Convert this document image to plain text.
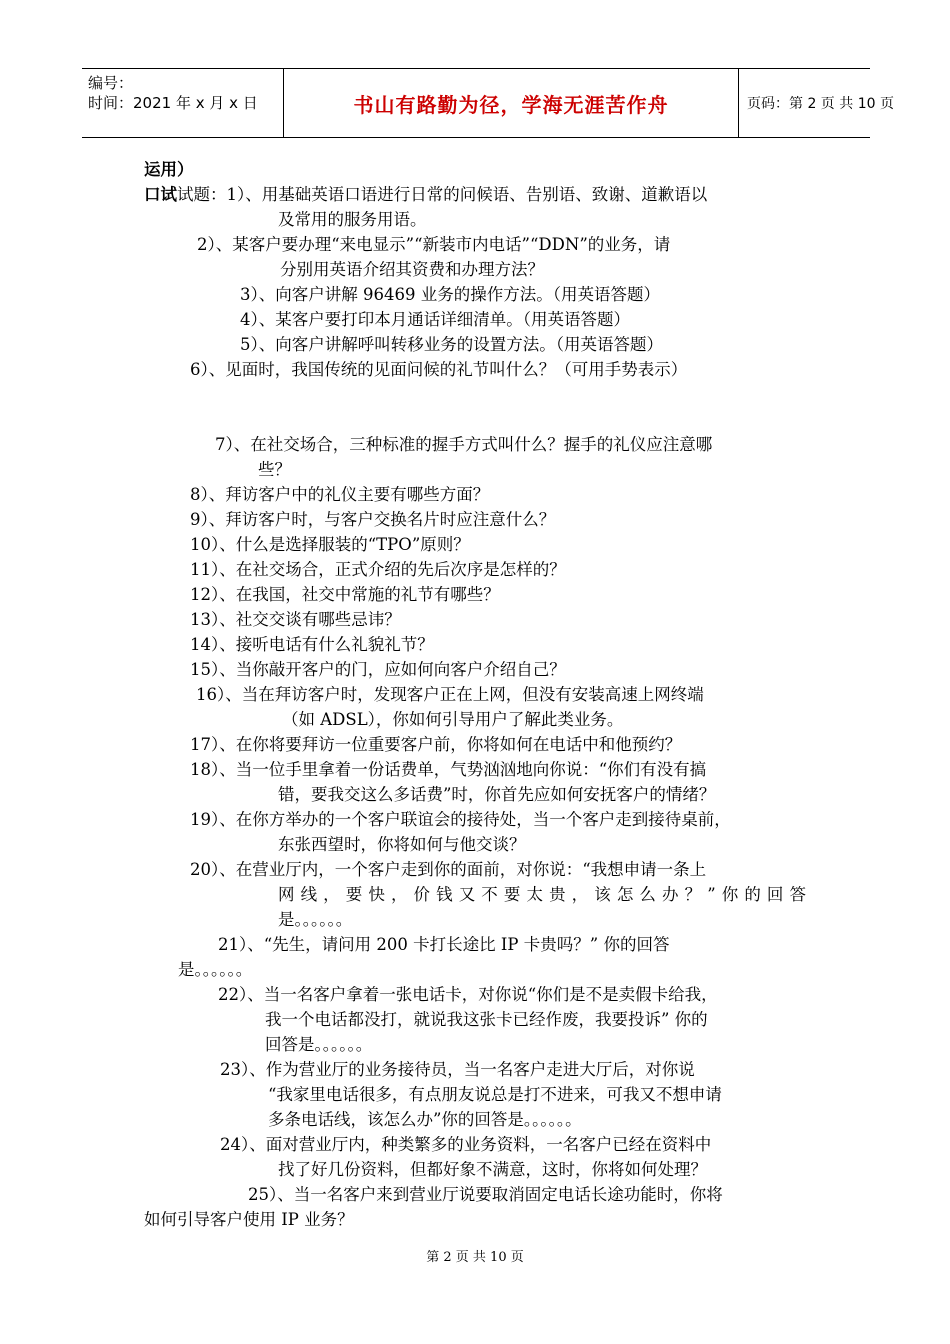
编号：
时间：2021 年 x 月 x 日	书山有路勤为径，学海无涯苦作舟	页码：第 2 页 共 10 页
运用）
口试试题：1）、用基础英语口语进行日常的问候语、告别语、致谢、道歉语以
及常用的服务用语。
2）、某客户要办理“来电显示”“新装市内电话”“DDN”的业务，请
分别用英语介绍其资费和办理方法？
3）、向客户讲解 96469 业务的操作方法。（用英语答题）
4）、某客户要打印本月通话详细清单。（用英语答题）
5）、向客户讲解呼叫转移业务的设置方法。（用英语答题）
6）、见面时，我国传统的见面问候的礼节叫什么？（可用手势表示）
7）、在社交场合，三种标准的握手方式叫什么？握手的礼仪应注意哪
些？
8）、拜访客户中的礼仪主要有哪些方面？
9）、拜访客户时，与客户交换名片时应注意什么？
10）、什么是选择服装的“TPO”原则？
11）、在社交场合，正式介绍的先后次序是怎样的？
12）、在我国，社交中常施的礼节有哪些？
13）、社交交谈有哪些忌讳？
14）、接听电话有什么礼貌礼节？
15）、当你敲开客户的门，应如何向客户介绍自己？
16）、当在拜访客户时，发现客户正在上网，但没有安装高速上网终端
（如 ADSL），你如何引导用户了解此类业务。
17）、在你将要拜访一位重要客户前，你将如何在电话中和他预约？
18）、当一位手里拿着一份话费单，气势汹汹地向你说：“你们有没有搞
错，要我交这么多话费”时，你首先应如何安抚客户的情绪？
19）、在你方举办的一个客户联谊会的接待处，当一个客户走到接待桌前，
东张西望时，你将如何与他交谈？
20）、在营业厅内，一个客户走到你的面前，对你说：“我想申请一条上
网线，要快，价钱又不要太贵，该怎么办？”你的回答
是。。。。。。
21）、“先生，请问用 200 卡打长途比 IP 卡贵吗？” 你的回答
是。。。。。。
22）、当一名客户拿着一张电话卡，对你说“你们是不是卖假卡给我，
我一个电话都没打，就说我这张卡已经作废，我要投诉” 你的
回答是。。。。。。
23）、作为营业厅的业务接待员，当一名客户走进大厅后，对你说
“我家里电话很多，有点朋友说总是打不进来，可我又不想申请
多条电话线，该怎么办”你的回答是。。。。。。
24）、面对营业厅内，种类繁多的业务资料，一名客户已经在资料中
找了好几份资料，但都好象不满意，这时，你将如何处理？
25）、当一名客户来到营业厅说要取消固定电话长途功能时，你将
如何引导客户使用 IP 业务？
第 2 页 共 10 页
